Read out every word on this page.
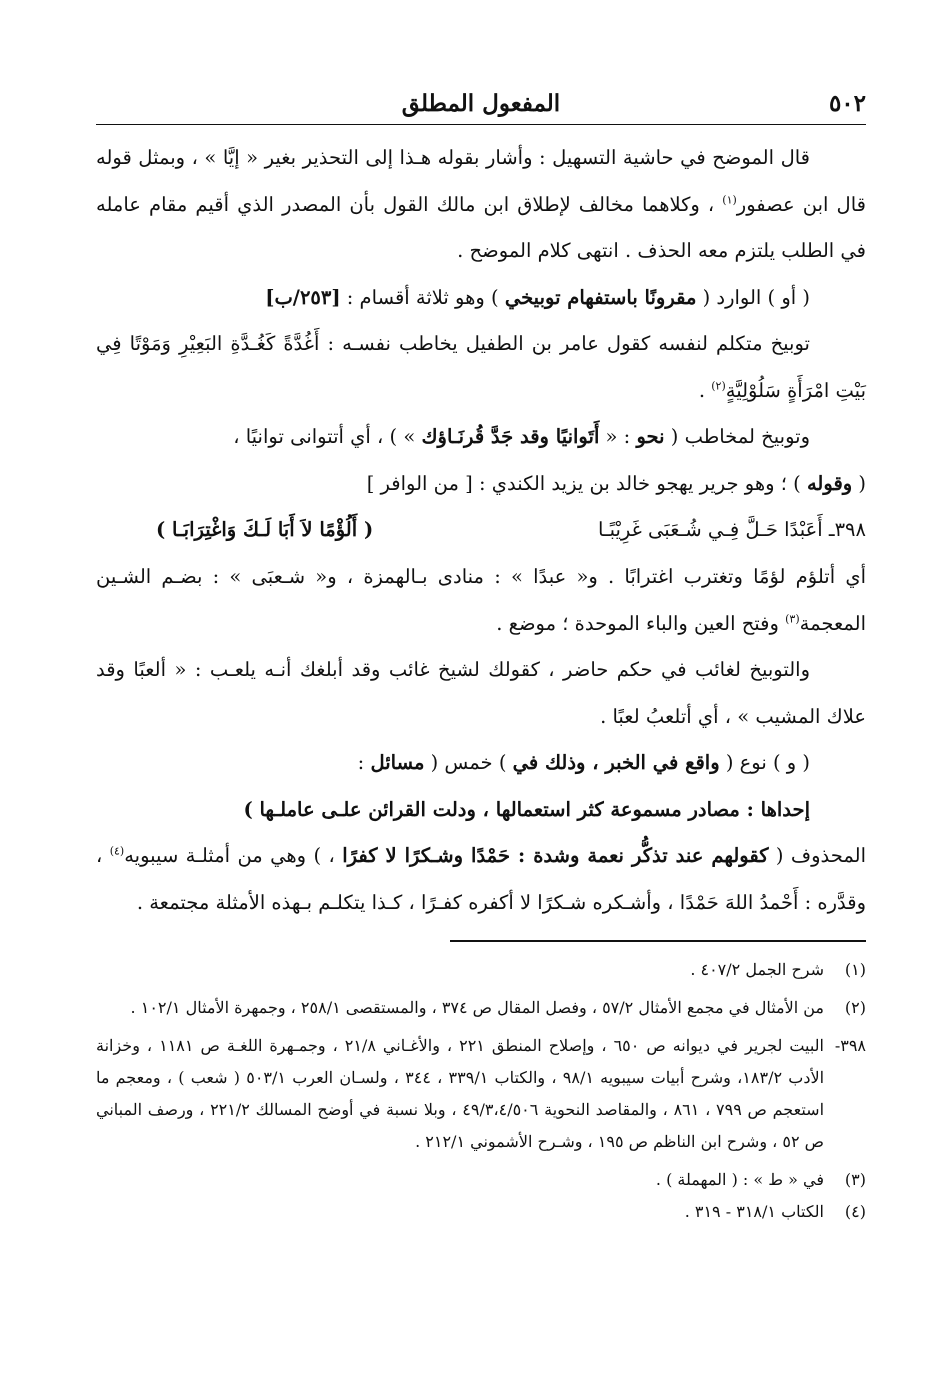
٥٠٢
المفعول المطلق

قال الموضح في حاشية التسهيل : وأشار بقوله هـذا إلى التحذير بغير « إيَّا » ، وبمثل قوله قال ابن عصفور$^{(١)}$ ، وكلاهما مخالف لإطلاق ابن مالك القول بأن المصدر الذي أقيم مقام عامله في الطلب يلتزم معه الحذف . انتهى كلام الموضح .

( أو ) الوارد ( مقرونًا باستفهام توبيخي ) وهو ثلاثة أقسام : [٢٥٣/ب]

توبيخ متكلم لنفسه كقول عامر بن الطفيل يخاطب نفسـه : أَغُدَّةً كَغُـدَّةِ البَعِيْرِ وَمَوْتًا فِي بَيْتِ امْرَأَةٍ سَلُوْلِيَّةٍ$^{(٢)}$ .

وتوبيخ لمخاطب ( نحو : « أَتَوانيًا وقد جَدَّ قُرنَـاؤك » ) ، أي أتتوانى توانيًا ،

( وقوله ) ؛ وهو جرير يهجو خالد بن يزيد الكندي : [ من الوافر ]

٣٩٨ـ أَعَبْدًا حَـلَّ فِـي شُـعَبَى غَرِيْبًـا
( أَلُؤْمًا لاَ أَبَا لَـكَ وَاغْتِرَابَـا )

أي أتلؤم لؤمًا وتغترب اغترابًا . و« عبدًا » : منادى بـالهمزة ، و« شـعبَى » : بضـم الشـين المعجمة$^{(٣)}$ وفتح العين والباء الموحدة ؛ موضع .

والتوبيخ لغائب في حكم حاضر ، كقولك لشيخ غائب وقد أبلغك أنـه يلعـب : « ألعبًا وقد علاك المشيب » ، أي أتلعبُ لعبًا .

( و ) نوع ( واقع في الخبر ، وذلك في ) خمس ( مسائل :

إحداها : مصادر مسموعة كثر استعمالها ، ودلت القرائن علـى عاملـها )

المحذوف ( كقولهم عند تذكُّر نعمة وشدة : حَمْدًا وشـكرًا لا كفرًا ، ) وهي من أمثلـة سيبويه$^{(٤)}$ ، وقدَّره : أَحْمدُ اللهَ حَمْدًا ، وأشـكره شـكرًا لا أكفره كفـرًا ، كـذا يتكلـم بـهذه الأمثلة مجتمعة .

(١)
شرح الجمل ٤٠٧/٢ .
(٢)
من الأمثال في مجمع الأمثال ٥٧/٢ ، وفصل المقال ص ٣٧٤ ، والمستقصى ٢٥٨/١ ، وجمهرة الأمثال ١٠٢/١ .
٣٩٨-
البيت لجرير في ديوانه ص ٦٥٠ ، وإصلاح المنطق ٢٢١ ، والأغـاني ٢١/٨ ، وجمـهرة اللغـة ص ١١٨١ ، وخزانة الأدب ١٨٣/٢، وشرح أبيات سيبويه ٩٨/١ ، والكتاب ٣٣٩/١ ، ٣٤٤ ، ولسـان العرب ٥٠٣/١ ( شعب ) ، ومعجم ما استعجم ص ٧٩٩ ، ٨٦١ ، والمقاصد النحوية ٤٩/٣،٤/٥٠٦ ، وبلا نسبة في أوضح المسالك ٢٢١/٢ ، ورصف المباني ص ٥٢ ، وشرح ابن الناظم ص ١٩٥ ، وشـرح الأشموني ٢١٢/١ .
(٣)
في « ط » : ( المهملة ) .
(٤)
الكتاب ٣١٨/١ - ٣١٩ .
